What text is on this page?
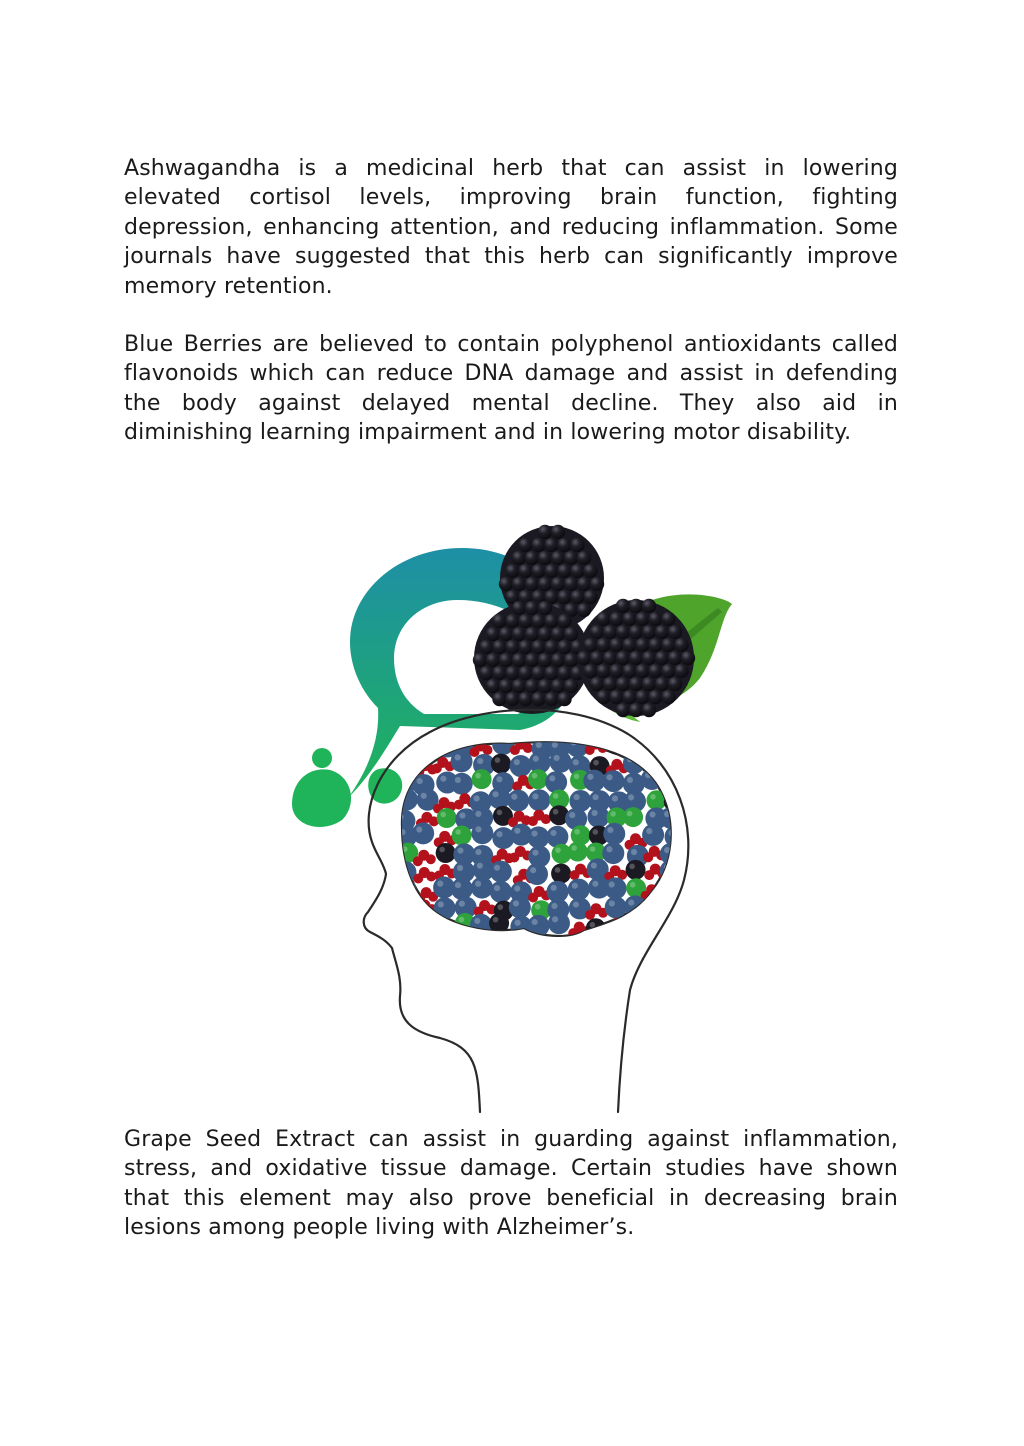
Ashwagandha is a medicinal herb that can assist in lowering elevated cortisol levels, improving brain function, fighting depression, enhancing attention, and reducing inflammation. Some journals have suggested that this herb can significantly improve memory retention.

Blue Berries are believed to contain polyphenol antioxidants called flavonoids which can reduce DNA damage and assist in defending the body against delayed mental decline. They also aid in diminishing learning impairment and in lowering motor disability.

Grape Seed Extract can assist in guarding against inflammation, stress, and oxidative tissue damage. Certain studies have shown that this element may also prove beneficial in decreasing brain lesions among people living with Alzheimer’s.
